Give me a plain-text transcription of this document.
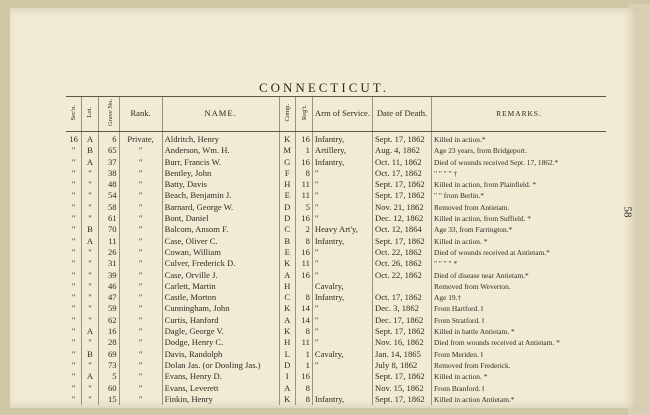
CONNECTICUT.
58
Sec'n.	Lot.	Grave No.	Rank.	NAME.	Comp.	Reg't.	Arm of Service.	Date of Death.	REMARKS.
16	A	6	Private,	Aldritch, Henry	K	16	Infantry,	Sept. 17, 1862	Killed in action.*
"	B	65	"	Anderson, Wm. H.	M	1	Artillery,	Aug. 4, 1862	Age 23 years, from Bridgeport.
"	A	37	"	Burr, Francis W.	G	16	Infantry,	Oct. 11, 1862	Died of wounds received Sept. 17, 1862.*
"	"	38	"	Bentley, John	F	8	"	Oct. 17, 1862	" " " " †
"	"	48	"	Batty, Davis	H	11	"	Sept. 17, 1862	Killed in action, from Plainfield. *
"	"	54	"	Beach, Benjamin J.	E	11	"	Sept. 17, 1862	" " from Berlin.*
"	"	58	"	Barnard, George W.	D	5	"	Nov. 21, 1862	Removed from Antietam.
"	"	61	"	Bont, Daniel	D	16	"	Dec. 12, 1862	Killed in action, from Suffield. *
"	B	70	"	Balcom, Ansom F.	C	2	Heavy Art'y,	Oct. 12, 1864	Age 33, from Farrington.*
"	A	11	"	Case, Oliver C.	B	8	Infantry,	Sept. 17, 1862	Killed in action. *
"	"	26	"	Cowan, William	E	16	"	Oct. 22, 1862	Died of wounds received at Antietam.*
"	"	31	"	Culver, Frederick D.	K	11	"	Oct. 26, 1862	" " " " *
"	"	39	"	Case, Orville J.	A	16	"	Oct. 22, 1862	Died of disease near Antietam.*
"	"	46	"	Carlett, Martin	H		Cavalry,		Removed from Weverton.
"	"	47	"	Castle, Morton	C	8	Infantry,	Oct. 17, 1862	Age 19.†
"	"	59	"	Cunningham, John	K	14	"	Dec. 3, 1862	From Hartford. ‖
"	"	62	"	Curtis, Hanford	A	14	"	Dec. 17, 1862	From Stratford. ‖
"	A	16	"	Dagle, George V.	K	8	"	Sept. 17, 1862	Killed in battle Antietam. *
"	"	28	"	Dodge, Henry C.	H	11	"	Nov. 16, 1862	Died from wounds received at Antietam. *
"	B	69	"	Davis, Randolph	L	1	Cavalry,	Jan. 14, 1865	From Meriden. ‖
"	"	73	"	Dolan Jas. (or Dooling Jas.)	D	1	"	July 8, 1862	Removed from Frederick.
"	A	5	"	Evans, Henry D.	I	16		Sept. 17, 1862	Killed in action. *
"	"	60	"	Evans, Leverett	A	8		Nov. 15, 1862	From Branford. ‖
"	"	15	"	Finkin, Henry	K	8	Infantry,	Sept. 17, 1862	Killed in action Antietam.*
